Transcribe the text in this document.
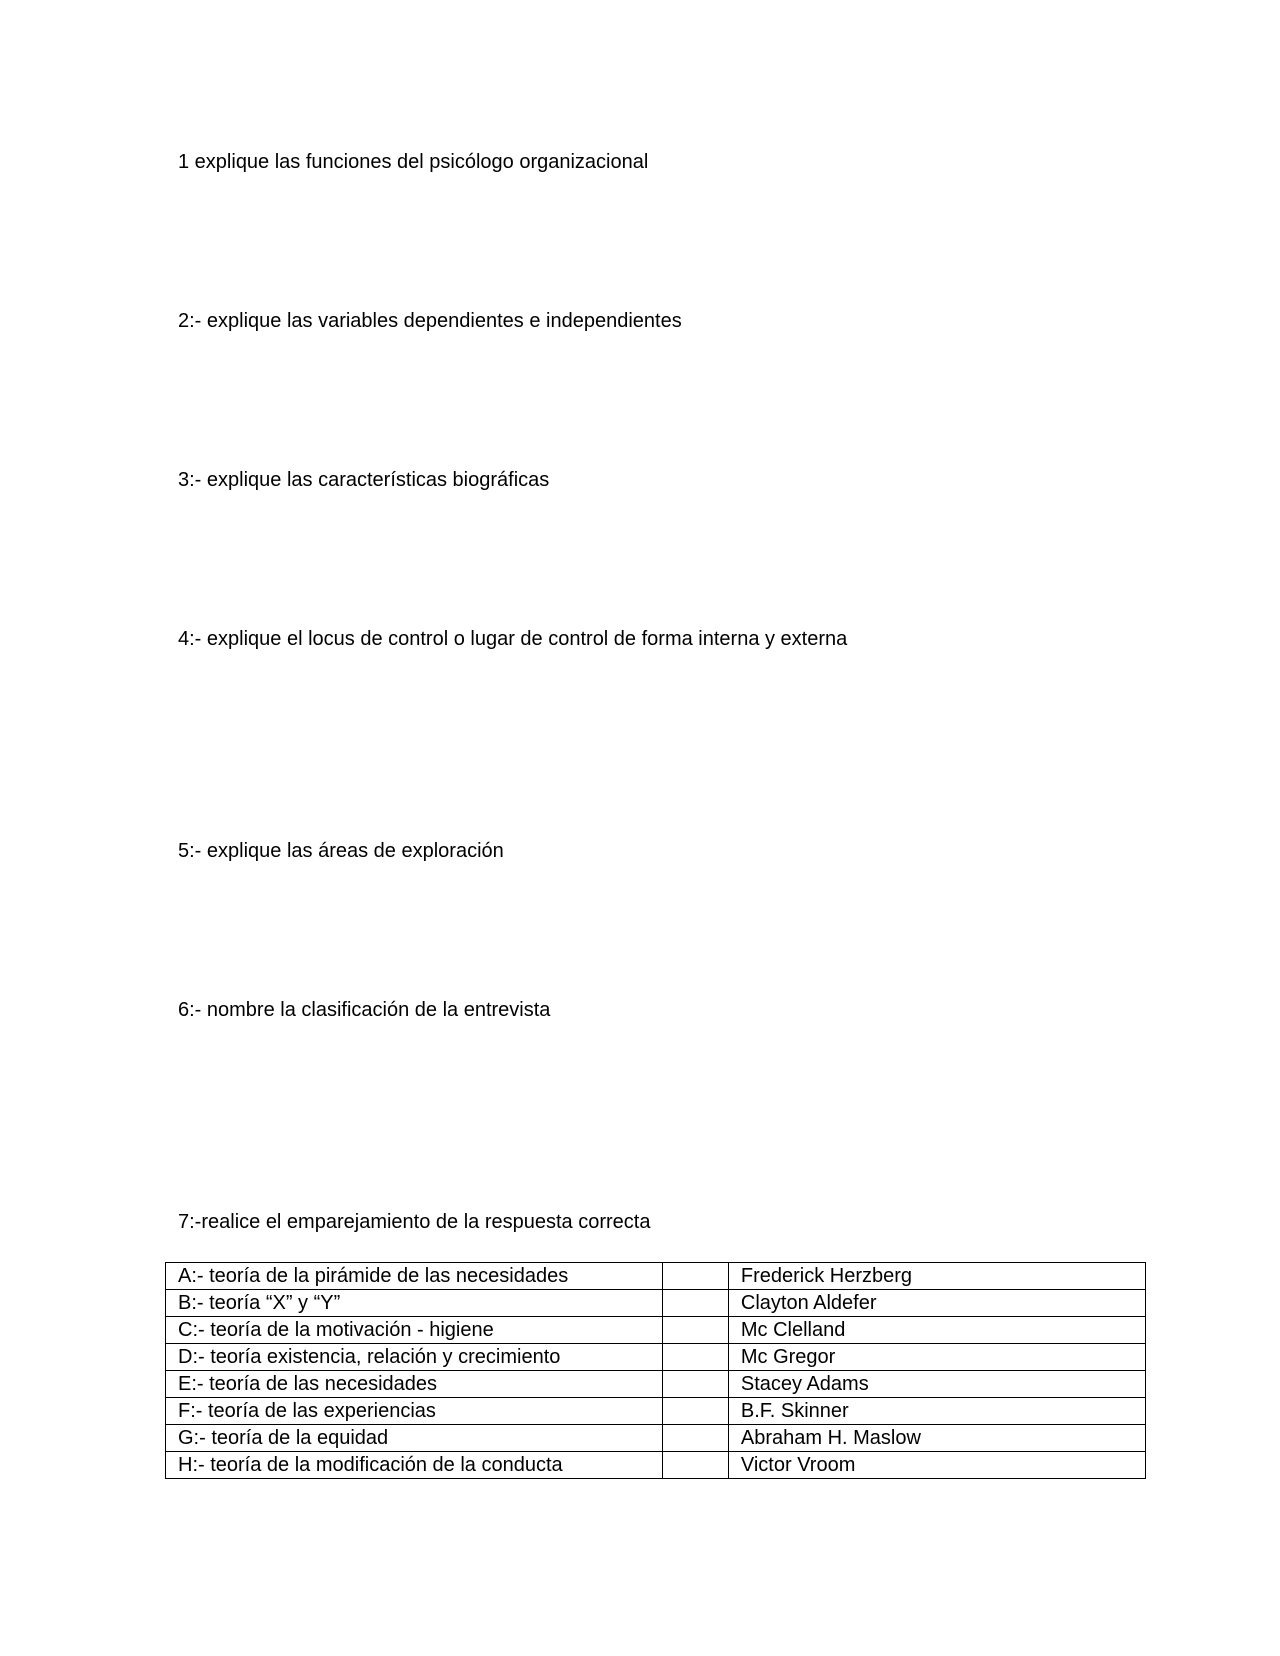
1 explique las funciones del psicólogo organizacional
2:- explique las variables dependientes e independientes
3:- explique las características biográficas
4:- explique el locus de control o lugar de control de forma interna y externa
5:- explique las áreas de exploración
6:- nombre la clasificación de la entrevista
7:-realice el emparejamiento de la respuesta correcta
A:- teoría de la pirámide de las necesidades		Frederick Herzberg
B:- teoría “X” y “Y”		Clayton Aldefer
C:- teoría de la motivación - higiene		Mc Clelland
D:- teoría existencia, relación y crecimiento		Mc Gregor
E:- teoría de las necesidades		Stacey Adams
F:- teoría de las experiencias		B.F. Skinner
G:- teoría de la equidad		Abraham H. Maslow
H:- teoría de la modificación de la conducta		Victor Vroom
